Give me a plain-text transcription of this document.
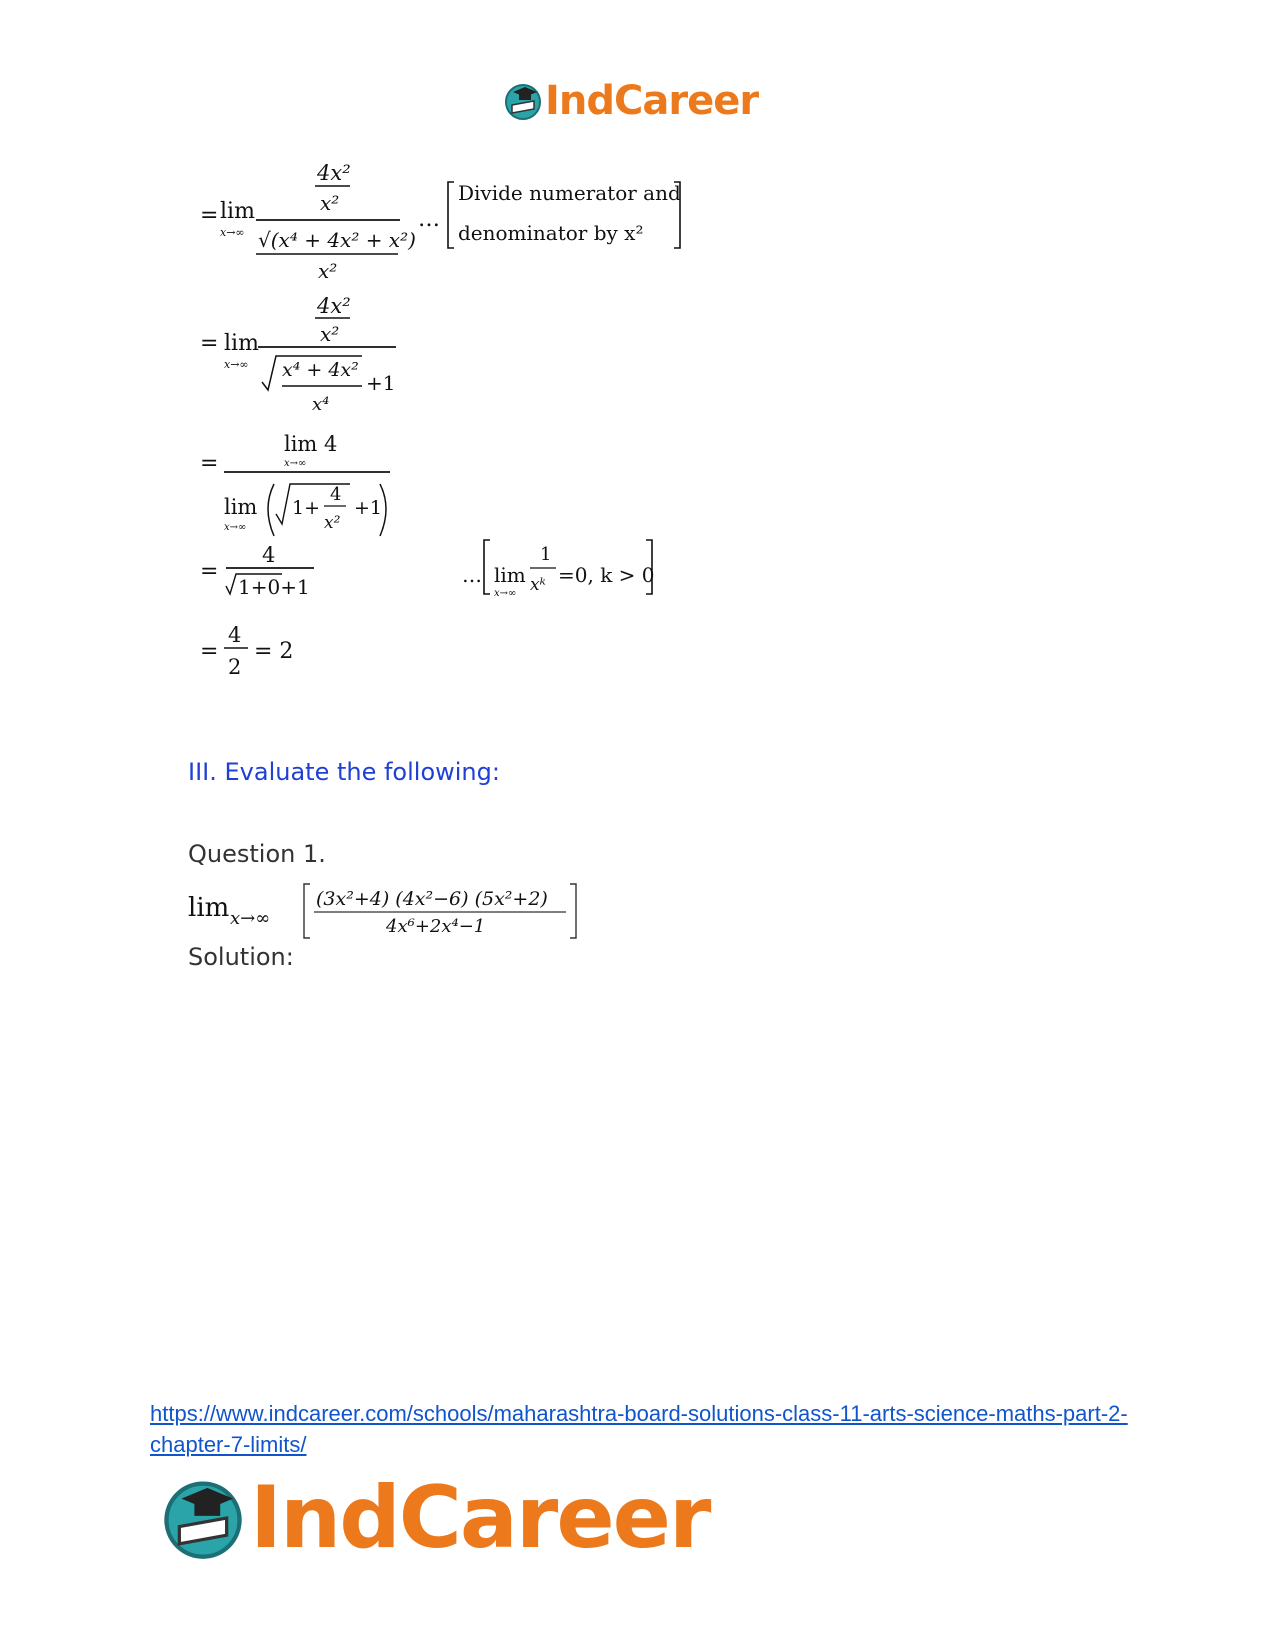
IndCareer
= lim
x→∞
4x²
x²
√(x⁴ + 4x² + x²)
x²
…
Divide numerator and
denominator by x²
= lim
x→∞
4x²
x²
x⁴ + 4x²
x⁴
+1
=
lim 4
x→∞
lim
x→∞
1+
4
x²
+1
=
4
1+0+1	… lim
x→∞
1
xᵏ =0, k > 0
=
4
2
= 2
III. Evaluate the following:
Question 1.
lim x→∞
(3x²+4) (4x²−6) (5x²+2)
4x⁶+2x⁴−1
Solution:
https://www.indcareer.com/schools/maharashtra-board-solutions-class-11-arts-science-maths-part-2-chapter-7-limits/
IndCareer
